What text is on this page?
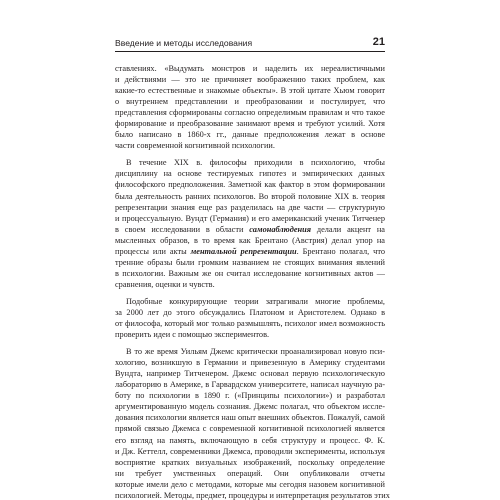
Введение и методы исследования	21
ставлениях. «Выдумать монстров и наделить их нереалистичными
и действиями — это не причиняет воображению таких проблем, как
какие-то естественные и знакомые объекты». В этой цитате Хьюм говорит
о внутреннем представлении и преобразовании и постулирует, что
представления сформированы согласно определимым правилам и что такое
формирование и преобразование занимают время и требуют усилий. Хотя
было написано в 1860-х гг., данные предположения лежат в основе
части современной когнитивной психологии.
В течение XIX в. философы приходили в психологию, чтобы
дисциплину на основе тестируемых гипотез и эмпирических данных
философского предположения. Заметной как фактор в этом формировании
была деятельность ранних психологов. Во второй половине XIX в. теория
репрезентации знания еще раз разделилась на две части — структурную
и процессуальную. Вундт (Германия) и его американский ученик Титченер
в своем исследовании в области самонаблюдения делали акцент на
мысленных образов, в то время как Брентано (Австрия) делал упор на
процессы или акты ментальной репрезентации. Брентано полагал, что
тренние образы были громким названием не стоящих внимания явлений
в психологии. Важным же он считал исследование когнитивных актов —
сравнения, оценки и чувств.
Подобные конкурирующие теории затрагивали многие проблемы,
за 2000 лет до этого обсуждались Платоном и Аристотелем. Однако в
от философа, который мог только размышлять, психолог имел возможность
проверить идеи с помощью экспериментов.
В то же время Уильям Джемс критически проанализировал новую пси-
хологию, возникшую в Германии и привезенную в Америку студентами
Вундта, например Титченером. Джемс основал первую психологическую
лабораторию в Америке, в Гарвардском университете, написал научную ра-
боту по психологии в 1890 г. («Принципы психологии») и разработал
аргументированную модель сознания. Джемс полагал, что объектом иссле-
дования психологии является наш опыт внешних объектов. Пожалуй, самой
прямой связью Джемса с современной когнитивной психологией является
его взгляд на память, включающую в себя структуру и процесс. Ф. К.
и Дж. Кеттелл, современники Джемса, проводили эксперименты, используя
восприятие кратких визуальных изображений, поскольку определение
ни требует умственных операций. Они опубликовали отчеты
которые имели дело с методами, которые мы сегодня назовем когнитивной
психологией. Методы, предмет, процедуры и интерпретация результатов этих
